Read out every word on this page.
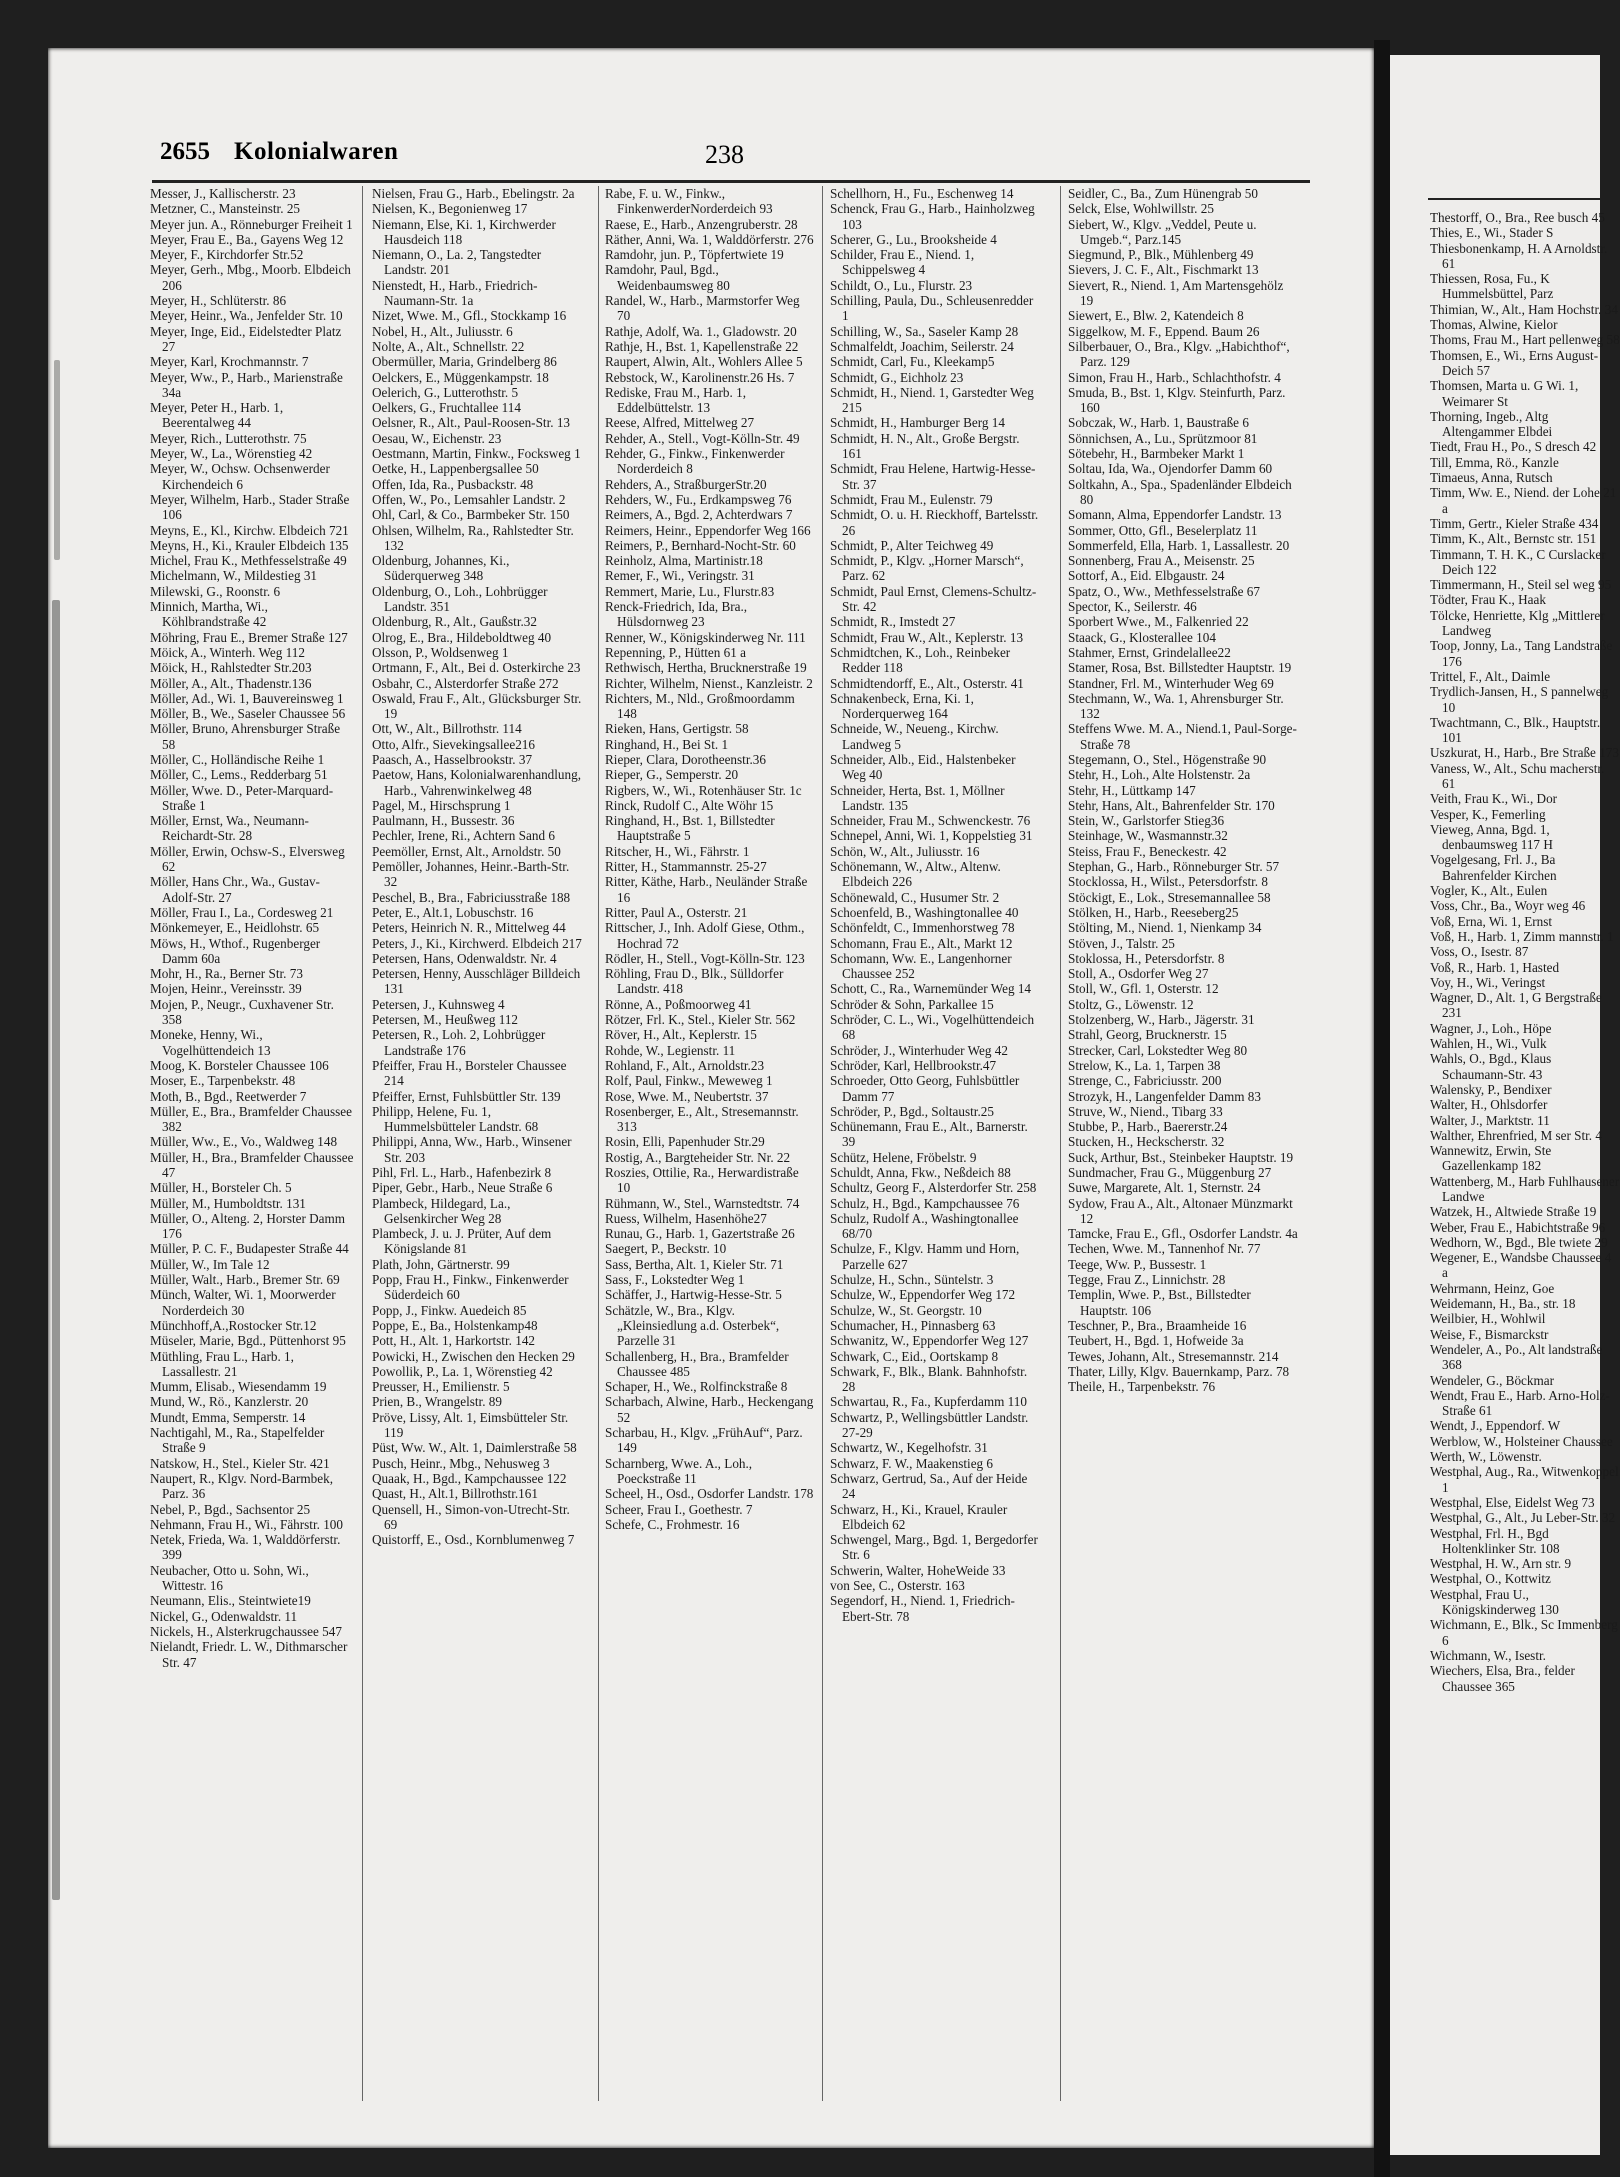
2655 Kolonialwaren	238

Messer, J., Kallischerstr. 23

Metzner, C., Mansteinstr. 25

Meyer jun. A., Rönneburger Freiheit 1

Meyer, Frau E., Ba., Gayens Weg 12

Meyer, F., Kirchdorfer Str.52

Meyer, Gerh., Mbg., Moorb. Elbdeich 206

Meyer, H., Schlüterstr. 86

Meyer, Heinr., Wa., Jenfelder Str. 10

Meyer, Inge, Eid., Eidelstedter Platz 27

Meyer, Karl, Krochmannstr. 7

Meyer, Ww., P., Harb., Marienstraße 34a

Meyer, Peter H., Harb. 1, Beerentalweg 44

Meyer, Rich., Lutterothstr. 75

Meyer, W., La., Wörenstieg 42

Meyer, W., Ochsw. Ochsenwerder Kirchendeich 6

Meyer, Wilhelm, Harb., Stader Straße 106

Meyns, E., Kl., Kirchw. Elbdeich 721

Meyns, H., Ki., Krauler Elbdeich 135

Michel, Frau K., Methfesselstraße 49

Michelmann, W., Mildestieg 31

Milewski, G., Roonstr. 6

Minnich, Martha, Wi., Köhlbrandstraße 42

Möhring, Frau E., Bremer Straße 127

Möick, A., Winterh. Weg 112

Möick, H., Rahlstedter Str.203

Möller, A., Alt., Thadenstr.136

Möller, Ad., Wi. 1, Bauvereinsweg 1

Möller, B., We., Saseler Chaussee 56

Möller, Bruno, Ahrensburger Straße 58

Möller, C., Holländische Reihe 1

Möller, C., Lems., Redderbarg 51

Möller, Wwe. D., Peter-Marquard-Straße 1

Möller, Ernst, Wa., Neumann-Reichardt-Str. 28

Möller, Erwin, Ochsw-S., Elversweg 62

Möller, Hans Chr., Wa., Gustav-Adolf-Str. 27

Möller, Frau I., La., Cordesweg 21

Mönkemeyer, E., Heidlohstr. 65

Möws, H., Wthof., Rugenberger Damm 60a

Mohr, H., Ra., Berner Str. 73

Mojen, Heinr., Vereinsstr. 39

Mojen, P., Neugr., Cuxhavener Str. 358

Moneke, Henny, Wi., Vogelhüttendeich 13

Moog, K. Borsteler Chaussee 106

Moser, E., Tarpenbekstr. 48

Moth, B., Bgd., Reetwerder 7

Müller, E., Bra., Bramfelder Chaussee 382

Müller, Ww., E., Vo., Waldweg 148

Müller, H., Bra., Bramfelder Chaussee 47

Müller, H., Borsteler Ch. 5

Müller, M., Humboldtstr. 131

Müller, O., Alteng. 2, Horster Damm 176

Müller, P. C. F., Budapester Straße 44

Müller, W., Im Tale 12

Müller, Walt., Harb., Bremer Str. 69

Münch, Walter, Wi. 1, Moorwerder Norderdeich 30

Münchhoff,A.,Rostocker Str.12

Müseler, Marie, Bgd., Püttenhorst 95

Müthling, Frau L., Harb. 1, Lassallestr. 21

Mumm, Elisab., Wiesendamm 19

Mund, W., Rö., Kanzlerstr. 20

Mundt, Emma, Semperstr. 14

Nachtigahl, M., Ra., Stapelfelder Straße 9

Natskow, H., Stel., Kieler Str. 421

Naupert, R., Klgv. Nord-Barmbek, Parz. 36

Nebel, P., Bgd., Sachsentor 25

Nehmann, Frau H., Wi., Fährstr. 100

Netek, Frieda, Wa. 1, Walddörferstr. 399

Neubacher, Otto u. Sohn, Wi., Wittestr. 16

Neumann, Elis., Steintwiete19

Nickel, G., Odenwaldstr. 11

Nickels, H., Alsterkrugchaussee 547

Nielandt, Friedr. L. W., Dithmarscher Str. 47

Nielsen, Frau G., Harb., Ebelingstr. 2a

Nielsen, K., Begonienweg 17

Niemann, Else, Ki. 1, Kirchwerder Hausdeich 118

Niemann, O., La. 2, Tangstedter Landstr. 201

Nienstedt, H., Harb., Friedrich-Naumann-Str. 1a

Nizet, Wwe. M., Gfl., Stockkamp 16

Nobel, H., Alt., Juliusstr. 6

Nolte, A., Alt., Schnellstr. 22

Obermüller, Maria, Grindelberg 86

Oelckers, E., Müggenkampstr. 18

Oelerich, G., Lutterothstr. 5

Oelkers, G., Fruchtallee 114

Oelsner, R., Alt., Paul-Roosen-Str. 13

Oesau, W., Eichenstr. 23

Oestmann, Martin, Finkw., Focksweg 1

Oetke, H., Lappenbergsallee 50

Offen, Ida, Ra., Pusbackstr. 48

Offen, W., Po., Lemsahler Landstr. 2

Ohl, Carl, & Co., Barmbeker Str. 150

Ohlsen, Wilhelm, Ra., Rahlstedter Str. 132

Oldenburg, Johannes, Ki., Süderquerweg 348

Oldenburg, O., Loh., Lohbrügger Landstr. 351

Oldenburg, R., Alt., Gaußstr.32

Olrog, E., Bra., Hildeboldtweg 40

Olsson, P., Woldsenweg 1

Ortmann, F., Alt., Bei d. Osterkirche 23

Osbahr, C., Alsterdorfer Straße 272

Oswald, Frau F., Alt., Glücksburger Str. 19

Ott, W., Alt., Billrothstr. 114

Otto, Alfr., Sievekingsallee216

Paasch, A., Hasselbrookstr. 37

Paetow, Hans, Kolonialwarenhandlung, Harb., Vahrenwinkelweg 48

Pagel, M., Hirschsprung 1

Paulmann, H., Bussestr. 36

Pechler, Irene, Ri., Achtern Sand 6

Peemöller, Ernst, Alt., Arnoldstr. 50

Pemöller, Johannes, Heinr.-Barth-Str. 32

Peschel, B., Bra., Fabriciusstraße 188

Peter, E., Alt.1, Lobuschstr. 16

Peters, Heinrich N. R., Mittelweg 44

Peters, J., Ki., Kirchwerd. Elbdeich 217

Petersen, Hans, Odenwaldstr. Nr. 4

Petersen, Henny, Ausschläger Billdeich 131

Petersen, J., Kuhnsweg 4

Petersen, M., Heußweg 112

Petersen, R., Loh. 2, Lohbrügger Landstraße 176

Pfeiffer, Frau H., Borsteler Chaussee 214

Pfeiffer, Ernst, Fuhlsbüttler Str. 139

Philipp, Helene, Fu. 1, Hummelsbütteler Landstr. 68

Philippi, Anna, Ww., Harb., Winsener Str. 203

Pihl, Frl. L., Harb., Hafenbezirk 8

Piper, Gebr., Harb., Neue Straße 6

Plambeck, Hildegard, La., Gelsenkircher Weg 28

Plambeck, J. u. J. Prüter, Auf dem Königslande 81

Plath, John, Gärtnerstr. 99

Popp, Frau H., Finkw., Finkenwerder Süderdeich 60

Popp, J., Finkw. Auedeich 85

Poppe, E., Ba., Holstenkamp48

Pott, H., Alt. 1, Harkortstr. 142

Powicki, H., Zwischen den Hecken 29

Powollik, P., La. 1, Wörenstieg 42

Preusser, H., Emilienstr. 5

Prien, B., Wrangelstr. 89

Pröve, Lissy, Alt. 1, Eimsbütteler Str. 119

Püst, Ww. W., Alt. 1, Daimlerstraße 58

Pusch, Heinr., Mbg., Nehusweg 3

Quaak, H., Bgd., Kampchaussee 122

Quast, H., Alt.1, Billrothstr.161

Quensell, H., Simon-von-Utrecht-Str. 69

Quistorff, E., Osd., Kornblumenweg 7

Rabe, F. u. W., Finkw., FinkenwerderNorderdeich 93

Raese, E., Harb., Anzengruberstr. 28

Räther, Anni, Wa. 1, Walddörferstr. 276

Ramdohr, jun. P., Töpfertwiete 19

Ramdohr, Paul, Bgd., Weidenbaumsweg 80

Randel, W., Harb., Marmstorfer Weg 70

Rathje, Adolf, Wa. 1., Gladowstr. 20

Rathje, H., Bst. 1, Kapellenstraße 22

Raupert, Alwin, Alt., Wohlers Allee 5

Rebstock, W., Karolinenstr.26 Hs. 7

Rediske, Frau M., Harb. 1, Eddelbüttelstr. 13

Reese, Alfred, Mittelweg 27

Rehder, A., Stell., Vogt-Kölln-Str. 49

Rehder, G., Finkw., Finkenwerder Norderdeich 8

Rehders, A., StraßburgerStr.20

Rehders, W., Fu., Erdkampsweg 76

Reimers, A., Bgd. 2, Achterdwars 7

Reimers, Heinr., Eppendorfer Weg 166

Reimers, P., Bernhard-Nocht-Str. 60

Reinholz, Alma, Martinistr.18

Remer, F., Wi., Veringstr. 31

Remmert, Marie, Lu., Flurstr.83

Renck-Friedrich, Ida, Bra., Hülsdornweg 23

Renner, W., Königskinderweg Nr. 111

Repenning, P., Hütten 61 a

Rethwisch, Hertha, Brucknerstraße 19

Richter, Wilhelm, Nienst., Kanzleistr. 2

Richters, M., Nld., Großmoordamm 148

Rieken, Hans, Gertigstr. 58

Ringhand, H., Bei St. 1

Rieper, Clara, Dorotheenstr.36

Rieper, G., Semperstr. 20

Rigbers, W., Wi., Rotenhäuser Str. 1c

Rinck, Rudolf C., Alte Wöhr 15

Ringhand, H., Bst. 1, Billstedter Hauptstraße 5

Ritscher, H., Wi., Fährstr. 1

Ritter, H., Stammannstr. 25-27

Ritter, Käthe, Harb., Neuländer Straße 16

Ritter, Paul A., Osterstr. 21

Rittscher, J., Inh. Adolf Giese, Othm., Hochrad 72

Rödler, H., Stell., Vogt-Kölln-Str. 123

Röhling, Frau D., Blk., Sülldorfer Landstr. 418

Rönne, A., Poßmoorweg 41

Rötzer, Frl. K., Stel., Kieler Str. 562

Röver, H., Alt., Keplerstr. 15

Rohde, W., Legienstr. 11

Rohland, F., Alt., Arnoldstr.23

Rolf, Paul, Finkw., Meweweg 1

Rose, Wwe. M., Neubertstr. 37

Rosenberger, E., Alt., Stresemannstr. 313

Rosin, Elli, Papenhuder Str.29

Rostig, A., Bargteheider Str. Nr. 22

Roszies, Ottilie, Ra., Herwardistraße 10

Rühmann, W., Stel., Warnstedtstr. 74

Ruess, Wilhelm, Hasenhöhe27

Runau, G., Harb. 1, Gazertstraße 26

Saegert, P., Beckstr. 10

Sass, Bertha, Alt. 1, Kieler Str. 71

Sass, F., Lokstedter Weg 1

Schäffer, J., Hartwig-Hesse-Str. 5

Schätzle, W., Bra., Klgv. „Kleinsiedlung a.d. Osterbek“, Parzelle 31

Schallenberg, H., Bra., Bramfelder Chaussee 485

Schaper, H., We., Rolfinckstraße 8

Scharbach, Alwine, Harb., Heckengang 52

Scharbau, H., Klgv. „FrühAuf“, Parz. 149

Scharnberg, Wwe. A., Loh., Poeckstraße 11

Scheel, H., Osd., Osdorfer Landstr. 178

Scheer, Frau I., Goethestr. 7

Schefe, C., Frohmestr. 16

Schellhorn, H., Fu., Eschenweg 14

Schenck, Frau G., Harb., Hainholzweg 103

Scherer, G., Lu., Brooksheide 4

Schilder, Frau E., Niend. 1, Schippelsweg 4

Schildt, O., Lu., Flurstr. 23

Schilling, Paula, Du., Schleusenredder 1

Schilling, W., Sa., Saseler Kamp 28

Schmalfeldt, Joachim, Seilerstr. 24

Schmidt, Carl, Fu., Kleekamp5

Schmidt, G., Eichholz 23

Schmidt, H., Niend. 1, Garstedter Weg 215

Schmidt, H., Hamburger Berg 14

Schmidt, H. N., Alt., Große Bergstr. 161

Schmidt, Frau Helene, Hartwig-Hesse-Str. 37

Schmidt, Frau M., Eulenstr. 79

Schmidt, O. u. H. Rieckhoff, Bartelsstr. 26

Schmidt, P., Alter Teichweg 49

Schmidt, P., Klgv. „Horner Marsch“, Parz. 62

Schmidt, Paul Ernst, Clemens-Schultz-Str. 42

Schmidt, R., Imstedt 27

Schmidt, Frau W., Alt., Keplerstr. 13

Schmidtchen, K., Loh., Reinbeker Redder 118

Schmidtendorff, E., Alt., Osterstr. 41

Schnakenbeck, Erna, Ki. 1, Norderquerweg 164

Schneide, W., Neueng., Kirchw. Landweg 5

Schneider, Alb., Eid., Halstenbeker Weg 40

Schneider, Herta, Bst. 1, Möllner Landstr. 135

Schneider, Frau M., Schwenckestr. 76

Schnepel, Anni, Wi. 1, Koppelstieg 31

Schön, W., Alt., Juliusstr. 16

Schönemann, W., Altw., Altenw. Elbdeich 226

Schönewald, C., Husumer Str. 2

Schoenfeld, B., Washingtonallee 40

Schönfeldt, C., Immenhorstweg 78

Schomann, Frau E., Alt., Markt 12

Schomann, Ww. E., Langenhorner Chaussee 252

Schott, C., Ra., Warnemünder Weg 14

Schröder & Sohn, Parkallee 15

Schröder, C. L., Wi., Vogelhüttendeich 68

Schröder, J., Winterhuder Weg 42

Schröder, Karl, Hellbrookstr.47

Schroeder, Otto Georg, Fuhlsbüttler Damm 77

Schröder, P., Bgd., Soltaustr.25

Schünemann, Frau E., Alt., Barnerstr. 39

Schütz, Helene, Fröbelstr. 9

Schuldt, Anna, Fkw., Neßdeich 88

Schultz, Georg F., Alsterdorfer Str. 258

Schulz, H., Bgd., Kampchaussee 76

Schulz, Rudolf A., Washingtonallee 68/70

Schulze, F., Klgv. Hamm und Horn, Parzelle 627

Schulze, H., Schn., Süntelstr. 3

Schulze, W., Eppendorfer Weg 172

Schulze, W., St. Georgstr. 10

Schumacher, H., Pinnasberg 63

Schwanitz, W., Eppendorfer Weg 127

Schwark, C., Eid., Oortskamp 8

Schwark, F., Blk., Blank. Bahnhofstr. 28

Schwartau, R., Fa., Kupferdamm 110

Schwartz, P., Wellingsbüttler Landstr. 27-29

Schwartz, W., Kegelhofstr. 31

Schwarz, F. W., Maakenstieg 6

Schwarz, Gertrud, Sa., Auf der Heide 24

Schwarz, H., Ki., Krauel, Krauler Elbdeich 62

Schwengel, Marg., Bgd. 1, Bergedorfer Str. 6

Schwerin, Walter, HoheWeide 33

von See, C., Osterstr. 163

Segendorf, H., Niend. 1, Friedrich-Ebert-Str. 78

Seidler, C., Ba., Zum Hünengrab 50

Selck, Else, Wohlwillstr. 25

Siebert, W., Klgv. „Veddel, Peute u. Umgeb.“, Parz.145

Siegmund, P., Blk., Mühlenberg 49

Sievers, J. C. F., Alt., Fischmarkt 13

Sievert, R., Niend. 1, Am Martensgehölz 19

Siewert, E., Blw. 2, Katendeich 8

Siggelkow, M. F., Eppend. Baum 26

Silberbauer, O., Bra., Klgv. „Habichthof“, Parz. 129

Simon, Frau H., Harb., Schlachthofstr. 4

Smuda, B., Bst. 1, Klgv. Steinfurth, Parz. 160

Sobczak, W., Harb. 1, Baustraße 6

Sönnichsen, A., Lu., Sprützmoor 81

Sötebehr, H., Barmbeker Markt 1

Soltau, Ida, Wa., Ojendorfer Damm 60

Soltkahn, A., Spa., Spadenländer Elbdeich 80

Somann, Alma, Eppendorfer Landstr. 13

Sommer, Otto, Gfl., Beselerplatz 11

Sommerfeld, Ella, Harb. 1, Lassallestr. 20

Sonnenberg, Frau A., Meisenstr. 25

Sottorf, A., Eid. Elbgaustr. 24

Spatz, O., Ww., Methfesselstraße 67

Spector, K., Seilerstr. 46

Sporbert Wwe., M., Falkenried 22

Staack, G., Klosterallee 104

Stahmer, Ernst, Grindelallee22

Stamer, Rosa, Bst. Billstedter Hauptstr. 19

Standner, Frl. M., Winterhuder Weg 69

Stechmann, W., Wa. 1, Ahrensburger Str. 132

Steffens Wwe. M. A., Niend.1, Paul-Sorge-Straße 78

Stegemann, O., Stel., Högenstraße 90

Stehr, H., Loh., Alte Holstenstr. 2a

Stehr, H., Lüttkamp 147

Stehr, Hans, Alt., Bahrenfelder Str. 170

Stein, W., Garlstorfer Stieg36

Steinhage, W., Wasmannstr.32

Steiss, Frau F., Beneckestr. 42

Stephan, G., Harb., Rönneburger Str. 57

Stocklossa, H., Wilst., Petersdorfstr. 8

Stöckigt, E., Lok., Stresemannallee 58

Stölken, H., Harb., Reeseberg25

Stölting, M., Niend. 1, Nienkamp 34

Stöven, J., Talstr. 25

Stoklossa, H., Petersdorfstr. 8

Stoll, A., Osdorfer Weg 27

Stoll, W., Gfl. 1, Osterstr. 12

Stoltz, G., Löwenstr. 12

Stolzenberg, W., Harb., Jägerstr. 31

Strahl, Georg, Brucknerstr. 15

Strecker, Carl, Lokstedter Weg 80

Strelow, K., La. 1, Tarpen 38

Strenge, C., Fabriciusstr. 200

Strozyk, H., Langenfelder Damm 83

Struve, W., Niend., Tibarg 33

Stubbe, P., Harb., Baererstr.24

Stucken, H., Heckscherstr. 32

Suck, Arthur, Bst., Steinbeker Hauptstr. 19

Sundmacher, Frau G., Müggenburg 27

Suwe, Margarete, Alt. 1, Sternstr. 24

Sydow, Frau A., Alt., Altonaer Münzmarkt 12

Tamcke, Frau E., Gfl., Osdorfer Landstr. 4a

Techen, Wwe. M., Tannenhof Nr. 77

Teege, Ww. P., Bussestr. 1

Tegge, Frau Z., Linnichstr. 28

Templin, Wwe. P., Bst., Billstedter Hauptstr. 106

Teschner, P., Bra., Braamheide 16

Teubert, H., Bgd. 1, Hofweide 3a

Tewes, Johann, Alt., Stresemannstr. 214

Thater, Lilly, Klgv. Bauernkamp, Parz. 78

Theile, H., Tarpenbekstr. 76

Thestorff, O., Bra., Ree busch 45

Thies, E., Wi., Stader S

Thiesbonenkamp, H. A Arnoldstr. 61

Thiessen, Rosa, Fu., K Hummelsbüttel, Parz

Thimian, W., Alt., Ham Hochstr. 34

Thomas, Alwine, Kielor

Thoms, Frau M., Hart pellenweg 58

Thomsen, E., Wi., Erns August-Deich 57

Thomsen, Marta u. G Wi. 1, Weimarer St

Thorning, Ingeb., Altg Altengammer Elbdei

Tiedt, Frau H., Po., S dresch 42

Till, Emma, Rö., Kanzle

Timaeus, Anna, Rutsch

Timm, Ww. E., Niend. der Lohe 21 a

Timm, Gertr., Kieler Straße 434

Timm, K., Alt., Bernstc str. 151

Timmann, T. H. K., C Curslacker Deich 122

Timmermann, H., Steil sel weg 95

Tödter, Frau K., Haak

Tölcke, Henriette, Klg „Mittlerer Landweg

Toop, Jonny, La., Tang Landstraße 176

Trittel, F., Alt., Daimle

Trydlich-Jansen, H., S pannelweg 10

Twachtmann, C., Blk., Hauptstr. 101

Uszkurat, H., Harb., Bre Straße 173

Vaness, W., Alt., Schu macherstr. 61

Veith, Frau K., Wi., Dor

Vesper, K., Femerling

Vieweg, Anna, Bgd. 1, denbaumsweg 117 H

Vogelgesang, Frl. J., Ba Bahrenfelder Kirchen

Vogler, K., Alt., Eulen

Voss, Chr., Ba., Woyr weg 46

Voß, Erna, Wi. 1, Ernst

Voß, H., Harb. 1, Zimm mannstr. 1

Voss, O., Isestr. 87

Voß, R., Harb. 1, Hasted

Voy, H., Wi., Veringst

Wagner, D., Alt. 1, G Bergstraße 231

Wagner, J., Loh., Höpe

Wahlen, H., Wi., Vulk

Wahls, O., Bgd., Klaus Schaumann-Str. 43

Walensky, P., Bendixer

Walter, H., Ohlsdorfer

Walter, J., Marktstr. 11

Walther, Ehrenfried, M ser Str. 4

Wannewitz, Erwin, Ste Gazellenkamp 182

Wattenberg, M., Harb Fuhlhausener Landwe

Watzek, H., Altwiede Straße 19

Weber, Frau E., Habichtstraße 96

Wedhorn, W., Bgd., Ble twiete 29

Wegener, E., Wandsbe Chaussee 4 a

Wehrmann, Heinz, Goe

Weidemann, H., Ba., str. 18

Weilbier, H., Wohlwil

Weise, F., Bismarckstr

Wendeler, A., Po., Alt landstraße 368

Wendeler, G., Böckmar

Wendt, Frau E., Harb. Arno-Holz-Straße 61

Wendt, J., Eppendorf. W

Werblow, W., Holsteiner Chaussee

Werth, W., Löwenstr.

Westphal, Aug., Ra., Witwenkoppel 1

Westphal, Else, Eidelst Weg 73

Westphal, G., Alt., Ju Leber-Str. 32

Westphal, Frl. H., Bgd Holtenklinker Str. 108

Westphal, H. W., Arn str. 9

Westphal, O., Kottwitz

Westphal, Frau U., Königskinderweg 130

Wichmann, E., Blk., Sc Immenberg 6

Wichmann, W., Isestr.

Wiechers, Elsa, Bra., felder Chaussee 365
